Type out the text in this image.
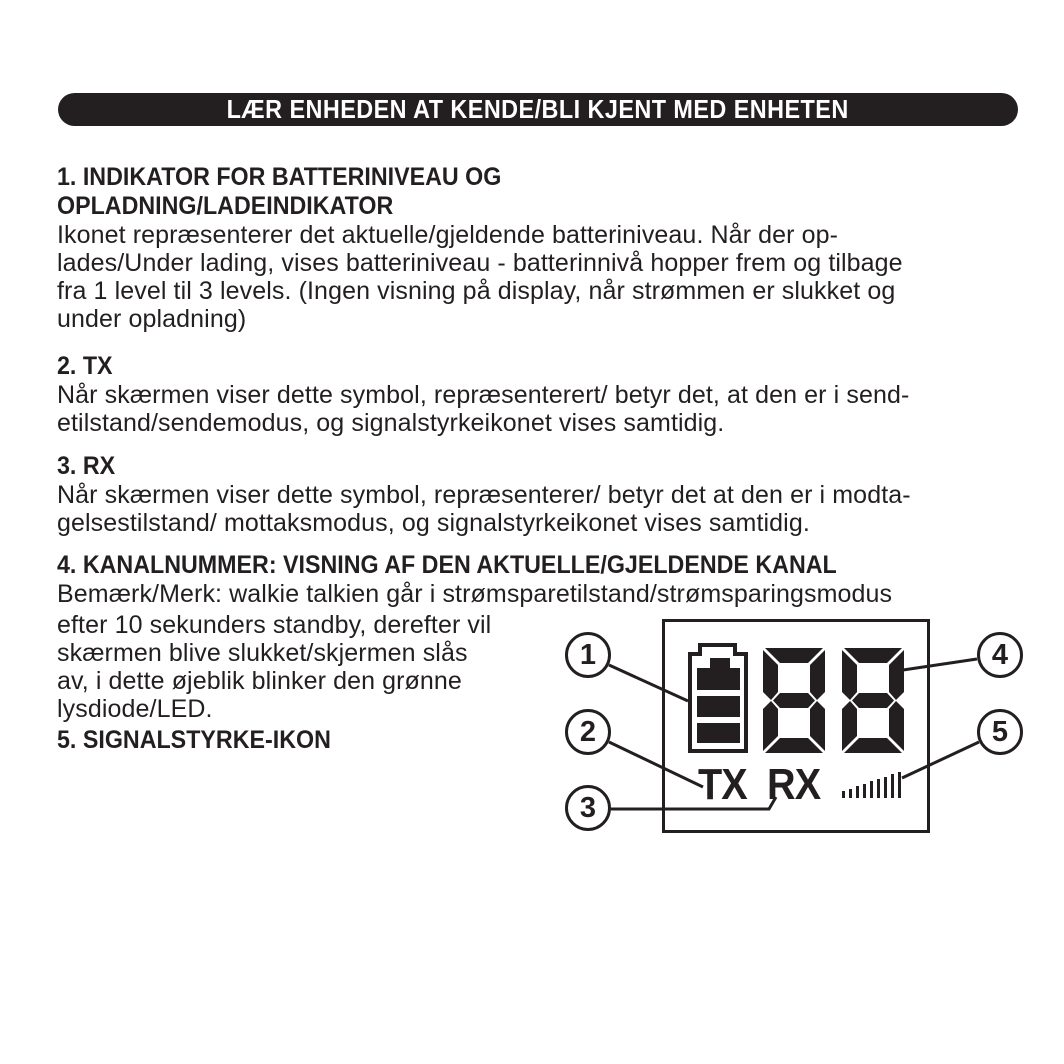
LÆR ENHEDEN AT KENDE/BLI KJENT MED ENHETEN
1. INDIKATOR FOR BATTERINIVEAU OG
OPLADNING/LADEINDIKATOR
Ikonet repræsenterer det aktuelle/gjeldende batteriniveau. Når der op-
lades/Under lading, vises batteriniveau - batterinnivå hopper frem og tilbage
fra 1 level til 3 levels. (Ingen visning på display, når strømmen er slukket og
under opladning)
2. TX
Når skærmen viser dette symbol, repræsenterert/ betyr det, at den er i send-
etilstand/sendemodus, og signalstyrkeikonet vises samtidig.
3. RX
Når skærmen viser dette symbol, repræsenterer/ betyr det at den er i modta-
gelsestilstand/ mottaksmodus, og signalstyrkeikonet vises samtidig.
4. KANALNUMMER: VISNING AF DEN AKTUELLE/GJELDENDE KANAL
Bemærk/Merk: walkie talkien går i strømsparetilstand/strømsparingsmodus
efter 10 sekunders standby, derefter vil
skærmen blive slukket/skjermen slås
av, i dette øjeblik blinker den grønne
lysdiode/LED.
5. SIGNALSTYRKE-IKON
TX RX
1
2
3
4
5
